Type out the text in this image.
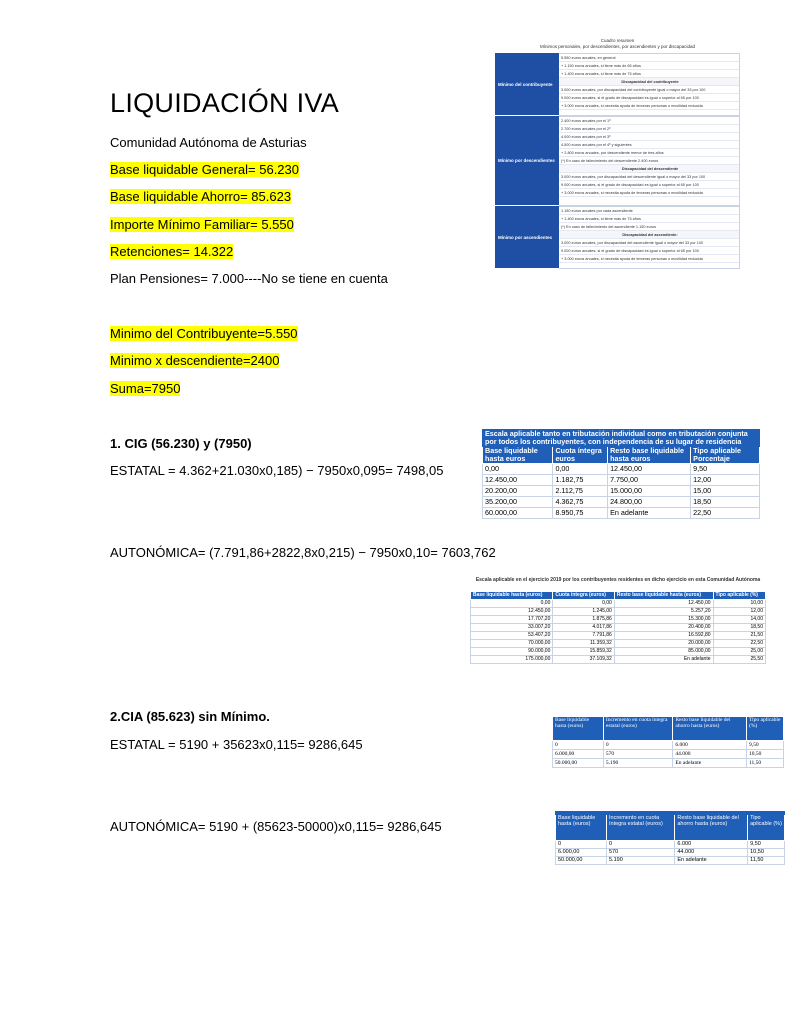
LIQUIDACIÓN IVA
Comunidad Autónoma de Asturias
Base liquidable General= 56.230
Base liquidable Ahorro= 85.623
Importe Mínimo Familiar= 5.550
Retenciones= 14.322
Plan Pensiones= 7.000----No se tiene en cuenta
Minimo del Contribuyente=5.550
Minimo x descendiente=2400
Suma=7950
1. CIG (56.230) y (7950)
ESTATAL = 4.362+21.030x0,185) − 7950x0,095= 7498,05
AUTONÓMICA= (7.791,86+2822,8x0,215) − 7950x0,10= 7603,762
2.CIA (85.623) sin Mínimo.
ESTATAL = 5190 + 35623x0,115= 9286,645
AUTONÓMICA= 5190 + (85623-50000)x0,115= 9286,645
Cuadro resumen
Mínimos personales, por descendientes, por ascendientes y por discapacidad
Mínimo del contribuyente
5.550 euros anuales, en general
+ 1.150 euros anuales, si tiene más de 65 años
+ 1.400 euros anuales, si tiene más de 75 años
Discapacidad del contribuyente
3.000 euros anuales, por discapacidad del contribuyente igual o mayor del 33 por 100
9.000 euros anuales, si el grado de discapacidad es igual o superior al 65 por 100
+ 3.000 euros anuales, si necesita ayuda de terceras personas o movilidad reducida
Mínimo por descendientes
2.400 euros anuales por el 1º
2.700 euros anuales por el 2º
4.000 euros anuales por el 3º
4.500 euros anuales por el 4º y siguientes
+ 2.800 euros anuales, por descendiente menor de tres años
(*) En caso de fallecimiento del descendiente 2.400 euros
Discapacidad del descendiente
3.000 euros anuales, por discapacidad del descendiente igual o mayor del 33 por 100
9.000 euros anuales, si el grado de discapacidad es igual o superior al 65 por 100
+ 3.000 euros anuales, si necesita ayuda de terceras personas o movilidad reducida
Mínimo por ascendientes
1.150 euros anuales por cada ascendiente
+ 1.400 euros anuales, si tiene más de 75 años
(*) En caso de fallecimiento del ascendiente 1.150 euros
Discapacidad del ascendiente:
3.000 euros anuales, por discapacidad del ascendiente igual o mayor del 33 por 100
9.000 euros anuales, si el grado de discapacidad es igual o superior al 65 por 100
+ 3.000 euros anuales, si necesita ayuda de terceras personas o movilidad reducida
Escala aplicable tanto en tributación individual como en tributación conjunta por todos los contribuyentes, con independencia de su lugar de residencia			
Base liquidable hasta euros	Cuota íntegra euros	Resto base liquidable hasta euros	Tipo aplicable Porcentaje
0,00	0,00	12.450,00	9,50
12.450,00	1.182,75	7.750,00	12,00
20.200,00	2.112,75	15.000,00	15,00
35.200,00	4.362,75	24.800,00	18,50
60.000,00	8.950,75	En adelante	22,50
Escala aplicable en el ejercicio 2019 por los contribuyentes residentes en dicho ejercicio en esta Comunidad Autónoma
Base liquidable hasta (euros)	Cuota íntegra (euros)	Resto base liquidable hasta (euros)	Tipo aplicable (%)
0,00	0,00	12.450,00	10,00
12.450,00	1.245,00	5.257,20	12,00
17.707,20	1.875,86	15.300,00	14,00
33.007,20	4.017,86	20.400,00	18,50
53.407,20	7.791,86	16.592,80	21,50
70.000,00	11.359,32	20.000,00	22,50
90.000,00	15.859,32	85.000,00	25,00
175.000,00	37.109,32	En adelante	25,50
Base liquidable hasta (euros)	Incremento en cuota íntegra estatal (euros)	Resto base liquidable del ahorro hasta (euros)	Tipo aplicable (%)
0	0	6.000	9,50
6.000,00	570	44.000	10,50
50.000,00	5.190	En adelante	11,50

Base liquidable hasta (euros)	Incremento en cuota íntegra estatal (euros)	Resto base liquidable del ahorro hasta (euros)	Tipo aplicable (%)
0	0	6.000	9,50
6.000,00	570	44.000	10,50
50.000,00	5.190	En adelante	11,50
